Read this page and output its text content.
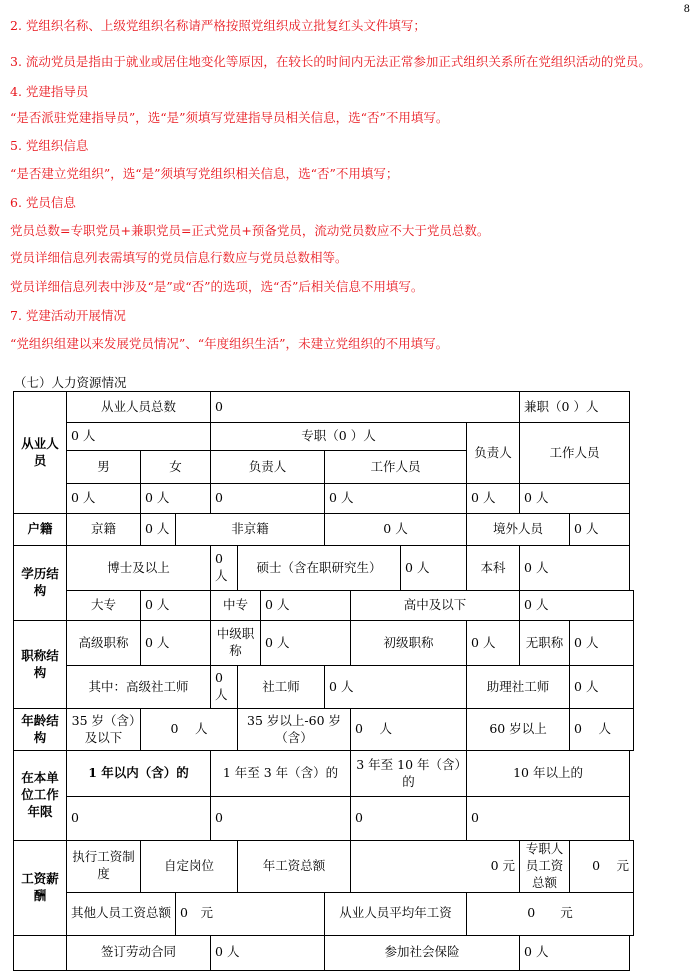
8
2. 党组织名称、上级党组织名称请严格按照党组织成立批复红头文件填写；
3. 流动党员是指由于就业或居住地变化等原因，在较长的时间内无法正常参加正式组织关系所在党组织活动的党员。
4. 党建指导员
“是否派驻党建指导员”，选“是”须填写党建指导员相关信息，选“否”不用填写。
5. 党组织信息
“是否建立党组织”，选“是”须填写党组织相关信息，选“否”不用填写；
6. 党员信息
党员总数=专职党员+兼职党员=正式党员+预备党员，流动党员数应不大于党员总数。
党员详细信息列表需填写的党员信息行数应与党员总数相等。
党员详细信息列表中涉及“是”或“否”的选项，选“否”后相关信息不用填写。
7. 党建活动开展情况
“党组织组建以来发展党员情况”、“年度组织生活”，未建立党组织的不用填写。
（七）人力资源情况
从业人员	从业人员总数			0							兼职（0 ）人	
	0 人			专职（0 ）人						负责人	工作人员	
	男	女		负责人			工作人员					
	0 人	0 人		0			0 人			0 人	0 人	
户籍	京籍	0 人	非京籍				0 人			境外人员		0 人
学历结构	博士及以上			0 人	硕士（含在职研究生）				0 人	本科	0 人	
	大专	0 人		中专		0 人		高中及以下			0 人	
职称结构	高级职称	0 人		中级职称		0 人		初级职称		0 人	无职称	0 人
	其中：高级社工师			0 人	社工师		0 人			助理社工师		0 人
年龄结构	35 岁（含）及以下	0　 人			35 岁以上-60 岁（含）			0　 人		60 岁以上		0　 人
在本单位工作年限	1 年以内（含）的			1 年至 3 年（含）的				3 年至 10 年（含）的		10 年以上的		
	0			0				0		0		
工资薪酬	执行工资制度	自定岗位			年工资总额			0 元			专职人员工资总额	0　 元
	其他人员工资总额		0　元				从业人员平均年工资			0　　元		
	签订劳动合同			0 人			参加社会保险				0 人	
